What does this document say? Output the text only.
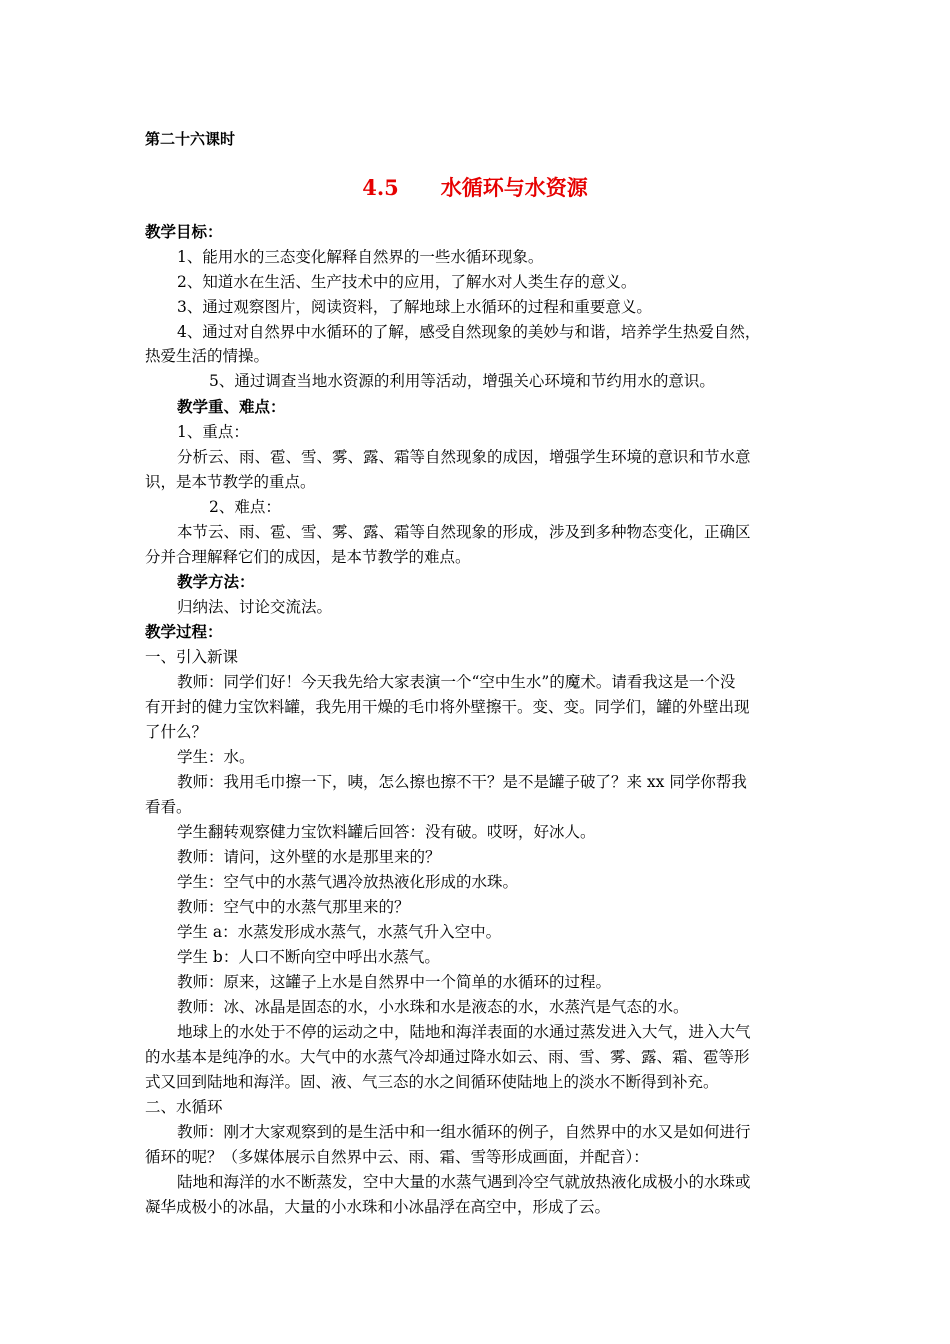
第二十六课时
4.5　　水循环与水资源
教学目标：
1、能用水的三态变化解释自然界的一些水循环现象。
2、知道水在生活、生产技术中的应用，了解水对人类生存的意义。
3、通过观察图片，阅读资料，了解地球上水循环的过程和重要意义。
4、通过对自然界中水循环的了解，感受自然现象的美妙与和谐，培养学生热爱自然，
热爱生活的情操。
5、通过调查当地水资源的利用等活动，增强关心环境和节约用水的意识。
教学重、难点：
1、重点：
分析云、雨、雹、雪、雾、露、霜等自然现象的成因，增强学生环境的意识和节水意
识，是本节教学的重点。
2、难点：
本节云、雨、雹、雪、雾、露、霜等自然现象的形成，涉及到多种物态变化，正确区
分并合理解释它们的成因，是本节教学的难点。
教学方法：
归纳法、讨论交流法。
教学过程：
一、引入新课
教师：同学们好！今天我先给大家表演一个“空中生水”的魔术。请看我这是一个没
有开封的健力宝饮料罐，我先用干燥的毛巾将外壁擦干。变、变。同学们，罐的外壁出现
了什么？
学生：水。
教师：我用毛巾擦一下，咦，怎么擦也擦不干？是不是罐子破了？来 xx 同学你帮我
看看。
学生翻转观察健力宝饮料罐后回答：没有破。哎呀，好冰人。
教师：请问，这外壁的水是那里来的？
学生：空气中的水蒸气遇冷放热液化形成的水珠。
教师：空气中的水蒸气那里来的？
学生 a：水蒸发形成水蒸气，水蒸气升入空中。
学生 b：人口不断向空中呼出水蒸气。
教师：原来，这罐子上水是自然界中一个简单的水循环的过程。
教师：冰、冰晶是固态的水，小水珠和水是液态的水，水蒸汽是气态的水。
地球上的水处于不停的运动之中，陆地和海洋表面的水通过蒸发进入大气，进入大气
的水基本是纯净的水。大气中的水蒸气冷却通过降水如云、雨、雪、雾、露、霜、雹等形
式又回到陆地和海洋。固、液、气三态的水之间循环使陆地上的淡水不断得到补充。
二、水循环
教师：刚才大家观察到的是生活中和一组水循环的例子，自然界中的水又是如何进行
循环的呢？（多媒体展示自然界中云、雨、霜、雪等形成画面，并配音）：
陆地和海洋的水不断蒸发，空中大量的水蒸气遇到冷空气就放热液化成极小的水珠或
凝华成极小的冰晶，大量的小水珠和小冰晶浮在高空中，形成了云。
